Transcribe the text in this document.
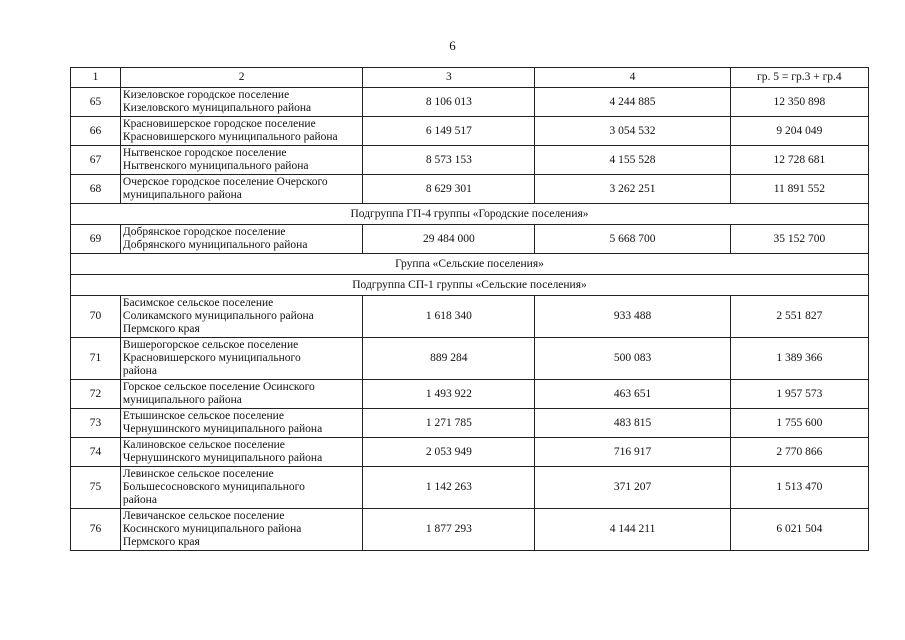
6
1	2	3	4	гр. 5 = гр.3 + гр.4
65	Кизеловское городское поселение
Кизеловского муниципального района	8 106 013	4 244 885	12 350 898
66	Красновишерское городское поселение
Красновишерского муниципального района	6 149 517	3 054 532	9 204 049
67	Нытвенское городское поселение
Нытвенского муниципального района	8 573 153	4 155 528	12 728 681
68	Очерское городское поселение Очерского
муниципального района	8 629 301	3 262 251	11 891 552
Подгруппа ГП-4 группы «Городские поселения»				
69	Добрянское городское поселение
Добрянского муниципального района	29 484 000	5 668 700	35 152 700
Группа «Сельские поселения»				
Подгруппа СП-1 группы «Сельские поселения»				
70	Басимское сельское поселение
Соликамского муниципального района
Пермского края	1 618 340	933 488	2 551 827
71	Вишерогорское сельское поселение
Красновишерского муниципального
района	889 284	500 083	1 389 366
72	Горское сельское поселение Осинского
муниципального района	1 493 922	463 651	1 957 573
73	Етышинское сельское поселение
Чернушинского муниципального района	1 271 785	483 815	1 755 600
74	Калиновское сельское поселение
Чернушинского муниципального района	2 053 949	716 917	2 770 866
75	Левинское сельское поселение
Большесосновского муниципального
района	1 142 263	371 207	1 513 470
76	Левичанское сельское поселение
Косинского муниципального района
Пермского края	1 877 293	4 144 211	6 021 504
